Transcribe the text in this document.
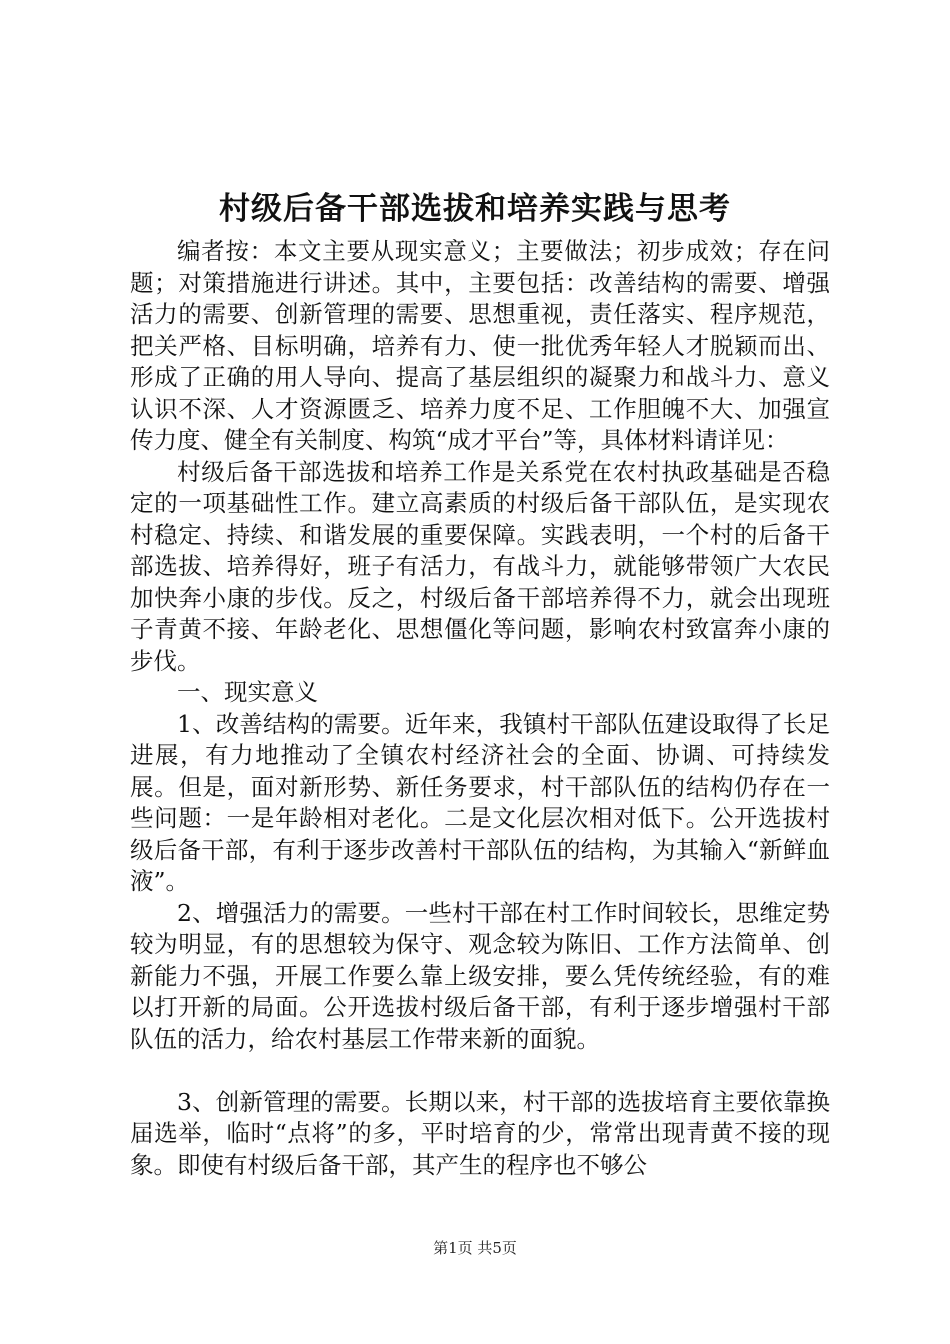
村级后备干部选拔和培养实践与思考

编者按：本文主要从现实意义；主要做法；初步成效；存在问题；对策措施进行讲述。其中，主要包括：改善结构的需要、增强活力的需要、创新管理的需要、思想重视，责任落实、程序规范，把关严格、目标明确，培养有力、使一批优秀年轻人才脱颖而出、形成了正确的用人导向、提高了基层组织的凝聚力和战斗力、意义认识不深、人才资源匮乏、培养力度不足、工作胆魄不大、加强宣传力度、健全有关制度、构筑“成才平台”等，具体材料请详见：

村级后备干部选拔和培养工作是关系党在农村执政基础是否稳定的一项基础性工作。建立高素质的村级后备干部队伍，是实现农村稳定、持续、和谐发展的重要保障。实践表明，一个村的后备干部选拔、培养得好，班子有活力，有战斗力，就能够带领广大农民加快奔小康的步伐。反之，村级后备干部培养得不力，就会出现班子青黄不接、年龄老化、思想僵化等问题，影响农村致富奔小康的步伐。

一、现实意义

1、改善结构的需要。近年来，我镇村干部队伍建设取得了长足进展，有力地推动了全镇农村经济社会的全面、协调、可持续发展。但是，面对新形势、新任务要求，村干部队伍的结构仍存在一些问题：一是年龄相对老化。二是文化层次相对低下。公开选拔村级后备干部，有利于逐步改善村干部队伍的结构，为其输入“新鲜血液”。

2、增强活力的需要。一些村干部在村工作时间较长，思维定势较为明显，有的思想较为保守、观念较为陈旧、工作方法简单、创新能力不强，开展工作要么靠上级安排，要么凭传统经验，有的难以打开新的局面。公开选拔村级后备干部，有利于逐步增强村干部队伍的活力，给农村基层工作带来新的面貌。

3、创新管理的需要。长期以来，村干部的选拔培育主要依靠换届选举，临时“点将”的多，平时培育的少，常常出现青黄不接的现象。即使有村级后备干部，其产生的程序也不够公

第1页 共5页
